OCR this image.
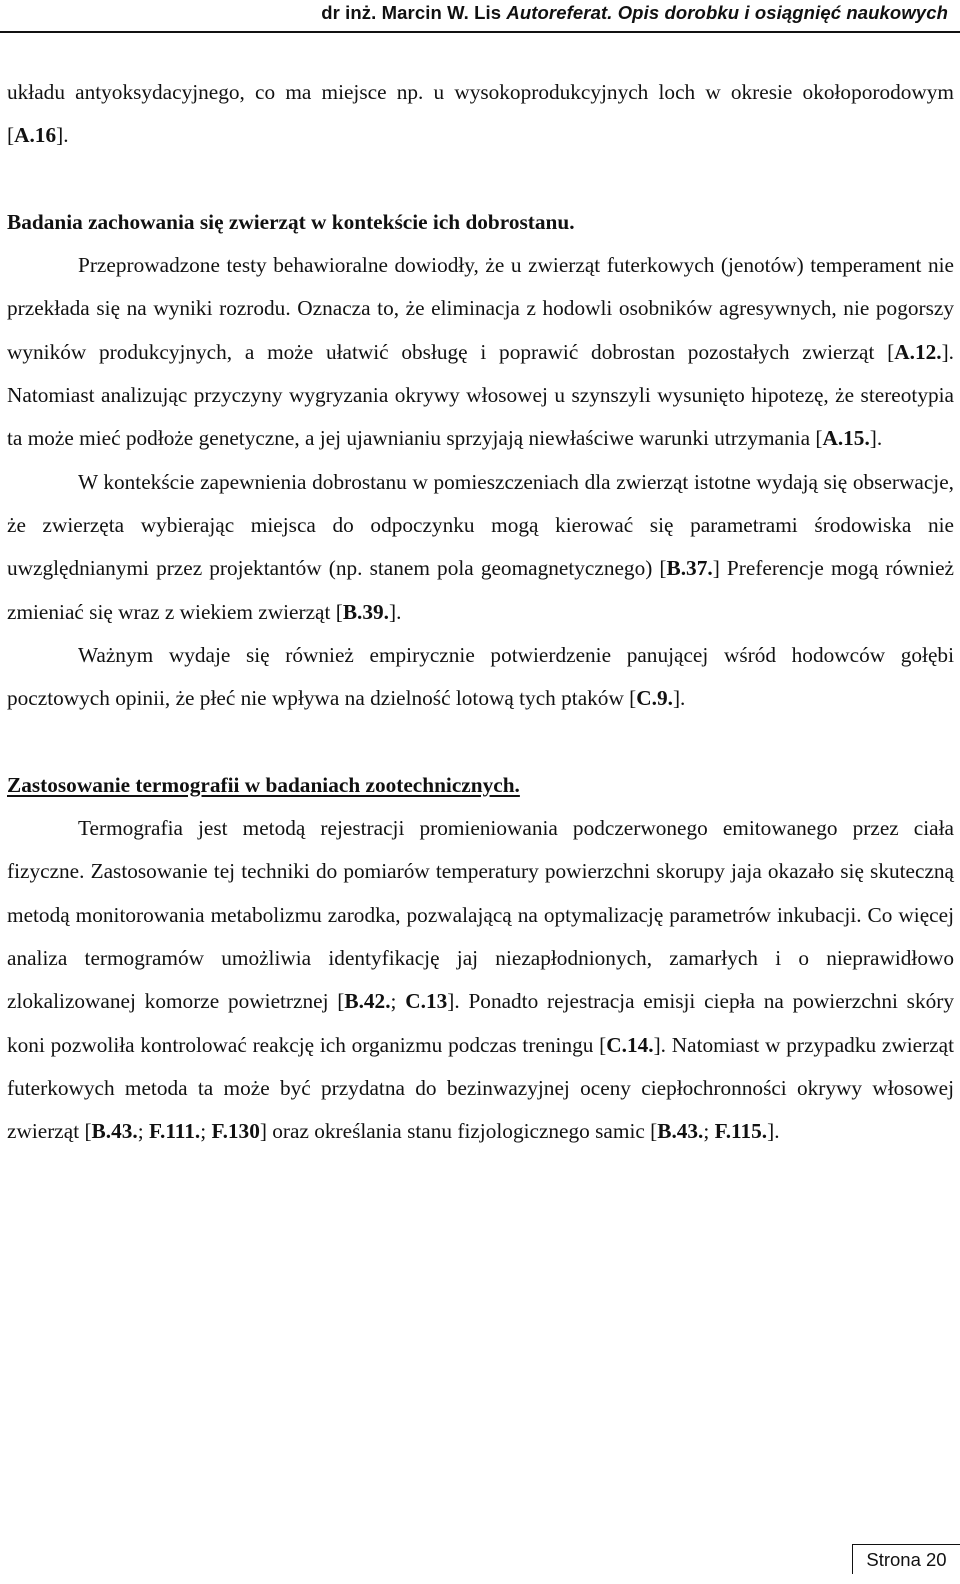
dr inż. Marcin W. Lis Autoreferat. Opis dorobku i osiągnięć naukowych

układu antyoksydacyjnego, co ma miejsce np. u wysokoprodukcyjnych loch w okresie okołoporodowym [A.16].

Badania zachowania się zwierząt w kontekście ich dobrostanu.

Przeprowadzone testy behawioralne dowiodły, że u zwierząt futerkowych (jenotów) temperament nie przekłada się na wyniki rozrodu. Oznacza to, że eliminacja z hodowli osobników agresywnych, nie pogorszy wyników produkcyjnych, a może ułatwić obsługę i poprawić dobrostan pozostałych zwierząt [A.12.]. Natomiast analizując przyczyny wygryzania okrywy włosowej u szynszyli wysunięto hipotezę, że stereotypia ta może mieć podłoże genetyczne, a jej ujawnianiu sprzyjają niewłaściwe warunki utrzymania [A.15.].

W kontekście zapewnienia dobrostanu w pomieszczeniach dla zwierząt istotne wydają się obserwacje, że zwierzęta wybierając miejsca do odpoczynku mogą kierować się parametrami środowiska nie uwzględnianymi przez projektantów (np. stanem pola geomagnetycznego) [B.37.] Preferencje mogą również zmieniać się wraz z wiekiem zwierząt [B.39.].

Ważnym wydaje się również empirycznie potwierdzenie panującej wśród hodowców gołębi pocztowych opinii, że płeć nie wpływa na dzielność lotową tych ptaków [C.9.].

Zastosowanie termografii w badaniach zootechnicznych.

Termografia jest metodą rejestracji promieniowania podczerwonego emitowanego przez ciała fizyczne. Zastosowanie tej techniki do pomiarów temperatury powierzchni skorupy jaja okazało się skuteczną metodą monitorowania metabolizmu zarodka, pozwalającą na optymalizację parametrów inkubacji. Co więcej analiza termogramów umożliwia identyfikację jaj niezapłodnionych, zamarłych i o nieprawidłowo zlokalizowanej komorze powietrznej [B.42.; C.13]. Ponadto rejestracja emisji ciepła na powierzchni skóry koni pozwoliła kontrolować reakcję ich organizmu podczas treningu [C.14.]. Natomiast w przypadku zwierząt futerkowych metoda ta może być przydatna do bezinwazyjnej oceny ciepłochronności okrywy włosowej zwierząt [B.43.; F.111.; F.130] oraz określania stanu fizjologicznego samic [B.43.; F.115.].

Strona 20
